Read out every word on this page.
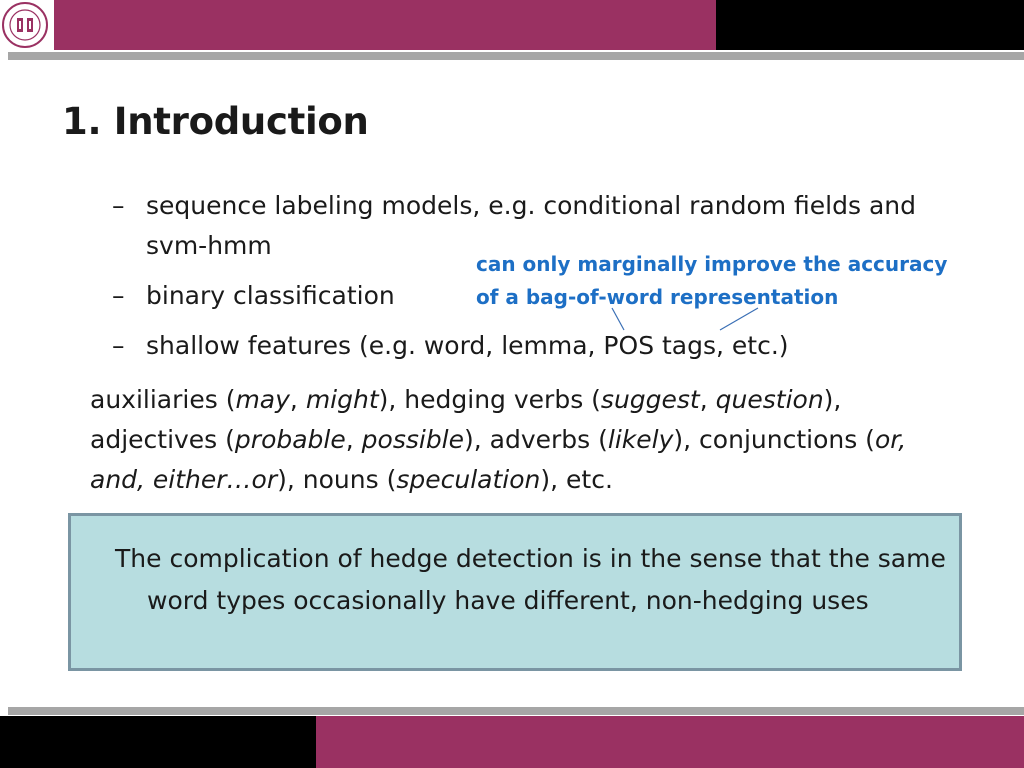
1. Introduction
– sequence labeling models, e.g. conditional random fields and svm-hmm
– binary classification
– shallow features (e.g. word, lemma, POS tags, etc.)
can only marginally improve the accuracy
of a bag-of-word representation
auxiliaries (may, might), hedging verbs (suggest, question), adjectives (probable, possible), adverbs (likely), conjunctions (or, and, either…or), nouns (speculation), etc.
The complication of hedge detection is in the sense that the same word types occasionally have different, non-hedging uses
